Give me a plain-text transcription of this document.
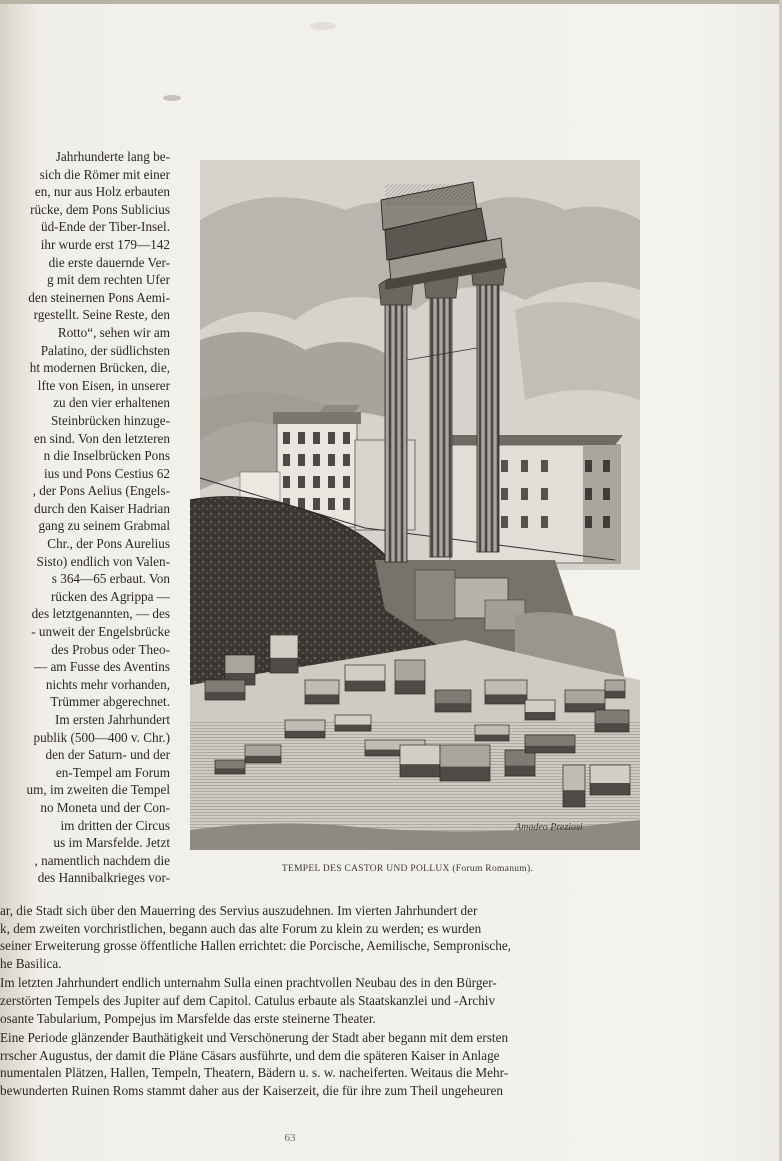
Jahrhunderte lang be-
sich die Römer mit einer
en, nur aus Holz erbauten
rücke, dem Pons Sublicius
üd-Ende der Tiber-Insel.
ihr wurde erst 179—142
die erste dauernde Ver-
g mit dem rechten Ufer
den steinernen Pons Aemi-
rgestellt. Seine Reste, den
Rotto“, sehen wir am
Palatino, der südlichsten
ht modernen Brücken, die,
lfte von Eisen, in unserer
zu den vier erhaltenen
Steinbrücken hinzuge-
en sind. Von den letzteren
n die Inselbrücken Pons
ius und Pons Cestius 62
, der Pons Aelius (Engels-
durch den Kaiser Hadrian
gang zu seinem Grabmal
Chr., der Pons Aurelius
Sisto) endlich von Valen-
s 364—65 erbaut. Von
rücken des Agrippa —
des letztgenannten, — des
- unweit der Engelsbrücke
des Probus oder Theo-
— am Fusse des Aventins
nichts mehr vorhanden,
Trümmer abgerechnet.
Im ersten Jahrhundert
publik (500—400 v. Chr.)
den der Saturn- und der
en-Tempel am Forum
um, im zweiten die Tempel
no Moneta und der Con-
im dritten der Circus
us im Marsfelde. Jetzt
, namentlich nachdem die
des Hannibalkrieges vor-
Amadeo Preziosi
TEMPEL DES CASTOR UND POLLUX (Forum Romanum).
ar, die Stadt sich über den Mauerring des Servius auszudehnen. Im vierten Jahrhundert der
k, dem zweiten vorchristlichen, begann auch das alte Forum zu klein zu werden; es wurden
seiner Erweiterung grosse öffentliche Hallen errichtet: die Porcische, Aemilische, Sempronische,
he Basilica.
Im letzten Jahrhundert endlich unternahm Sulla einen prachtvollen Neubau des in den Bürger-
zerstörten Tempels des Jupiter auf dem Capitol. Catulus erbaute als Staatskanzlei und -Archiv
osante Tabularium, Pompejus im Marsfelde das erste steinerne Theater.
Eine Periode glänzender Bauthätigkeit und Verschönerung der Stadt aber begann mit dem ersten
rrscher Augustus, der damit die Pläne Cäsars ausführte, und dem die späteren Kaiser in Anlage
numentalen Plätzen, Hallen, Tempeln, Theatern, Bädern u. s. w. nacheiferten. Weitaus die Mehr-
bewunderten Ruinen Roms stammt daher aus der Kaiserzeit, die für ihre zum Theil ungeheuren
63
